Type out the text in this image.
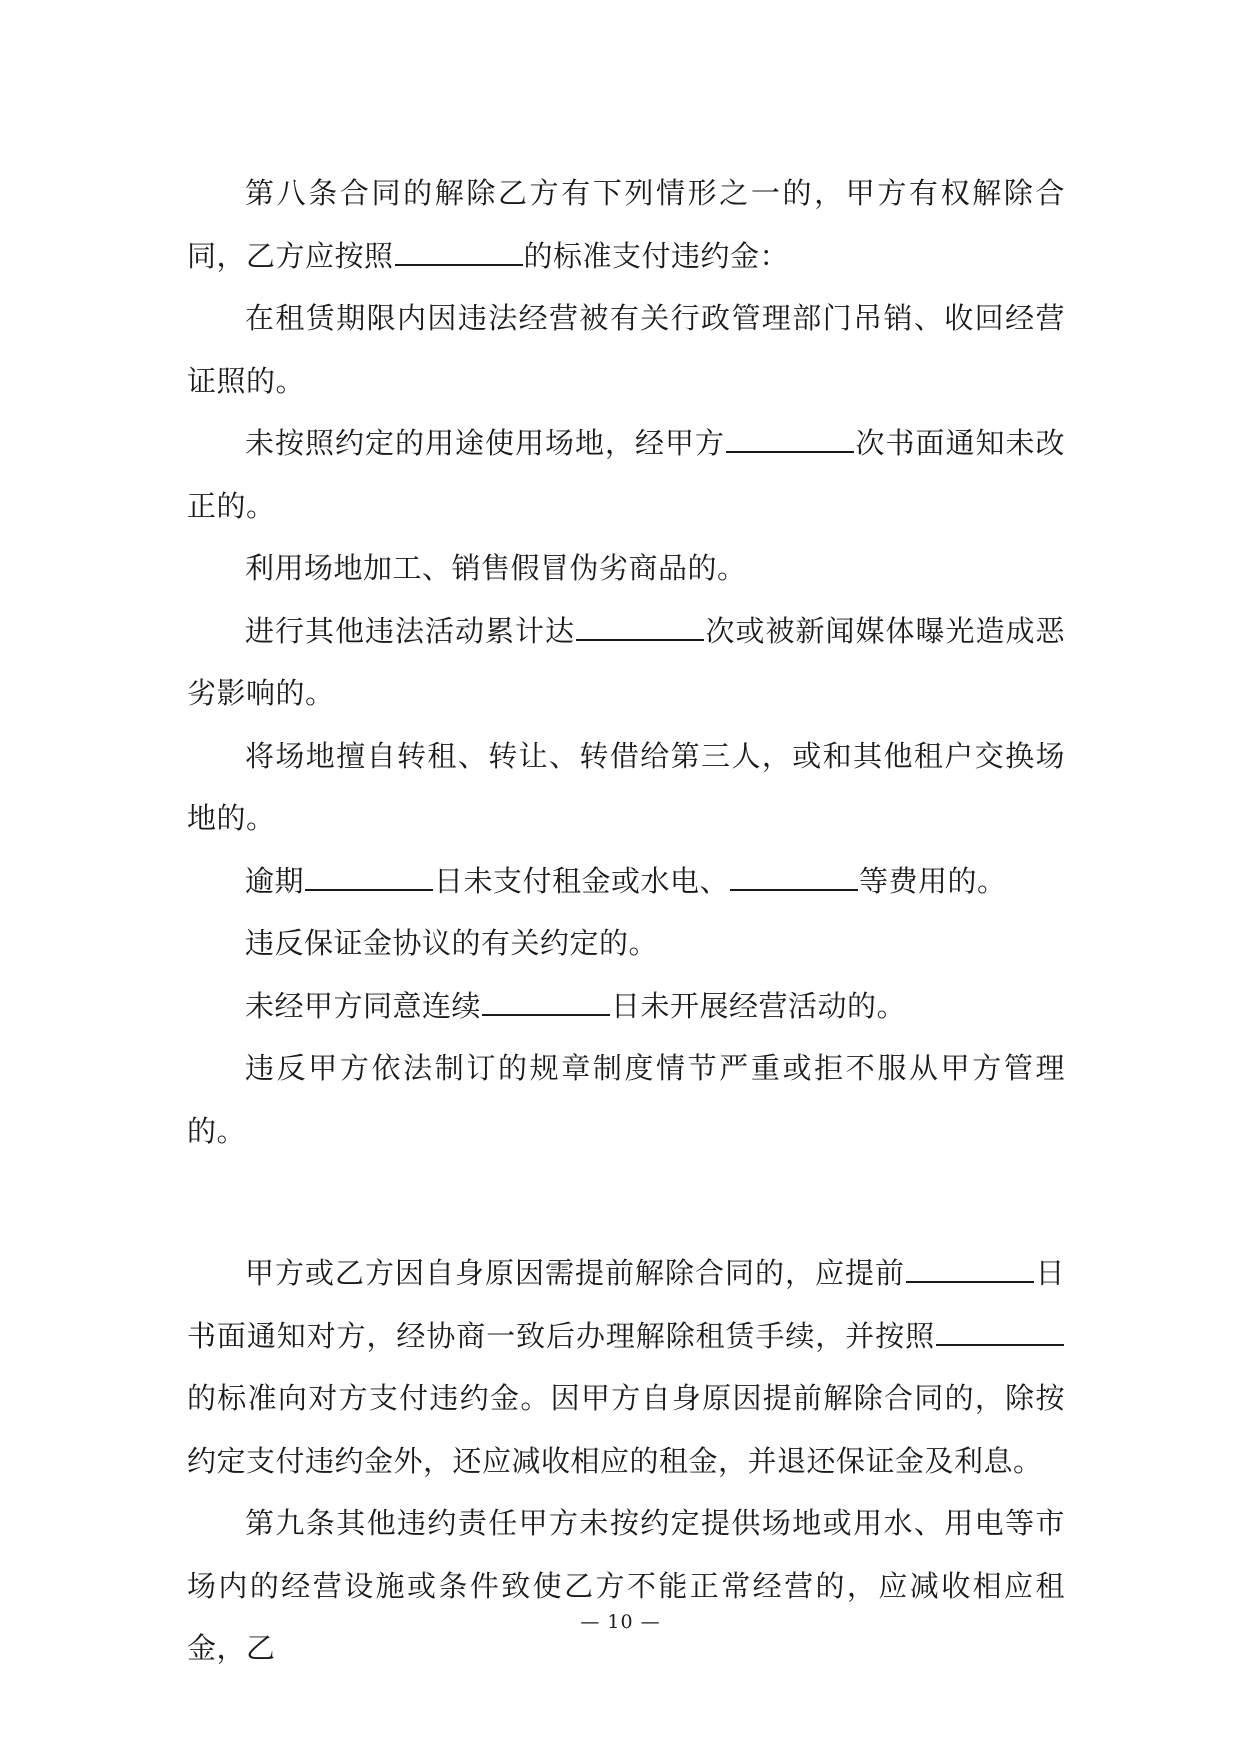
第八条合同的解除乙方有下列情形之一的，甲方有权解除合同，乙方应按照	的标准支付违约金：

在租赁期限内因违法经营被有关行政管理部门吊销、收回经营证照的。

未按照约定的用途使用场地，经甲方	次书面通知未改正的。

利用场地加工、销售假冒伪劣商品的。

进行其他违法活动累计达	次或被新闻媒体曝光造成恶劣影响的。

将场地擅自转租、转让、转借给第三人，或和其他租户交换场地的。

逾期	日未支付租金或水电、	等费用的。

违反保证金协议的有关约定的。

未经甲方同意连续	日未开展经营活动的。

违反甲方依法制订的规章制度情节严重或拒不服从甲方管理的。

甲方或乙方因自身原因需提前解除合同的，应提前	日书面通知对方，经协商一致后办理解除租赁手续，并按照的标准向对方支付违约金。因甲方自身原因提前解除合同的，除按约定支付违约金外，还应减收相应的租金，并退还保证金及利息。

第九条其他违约责任甲方未按约定提供场地或用水、用电等市场内的经营设施或条件致使乙方不能正常经营的，应减收相应租金，乙

— 10 —
